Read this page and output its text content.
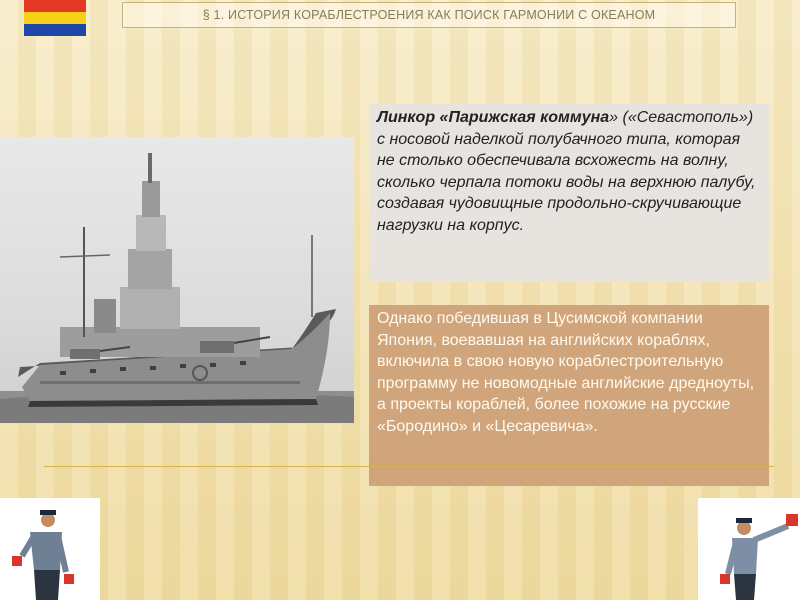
§ 1. ИСТОРИЯ КОРАБЛЕСТРОЕНИЯ КАК ПОИСК ГАРМОНИИ С ОКЕАНОМ

Линкор «Парижская коммуна» («Севастополь») с носовой наделкой полубачного типа, которая не столько обеспечивала всхожесть на волну, сколько черпала потоки воды на верхнюю палубу, создавая чудовищные продольно-скручивающие нагрузки на корпус.

Однако победившая в Цусимской компании Япония, воевавшая на английских кораблях, включила в свою новую кораблестроительную программу не новомодные английские дредноуты, а проекты кораблей, более похожие на русские «Бородино» и «Цесаревича».
